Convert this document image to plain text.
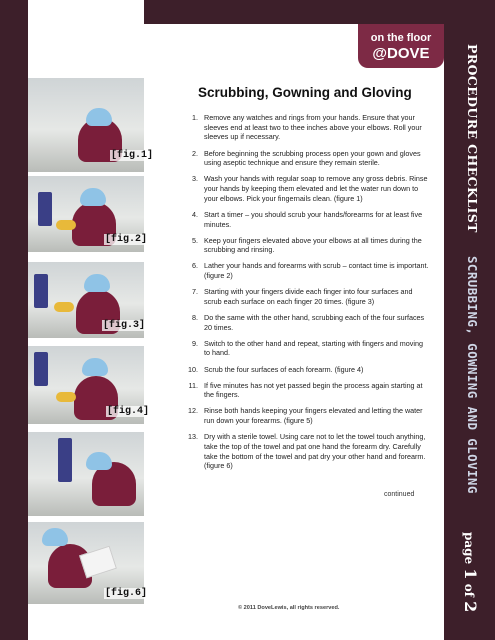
[fig.1]
[fig.2]
[fig.3]
[fig.4]
[fig.6]
on the floor
@DOVE	PROCEDURE CHECKLIST
SCRUBBING, GOWNING AND GLOVING
page 1 of 2
Scrubbing, Gowning and Gloving
1. Remove any watches and rings from your hands. Ensure that your sleeves end at least two to thee inches above your elbows. Roll your sleeves up if necessary.
2. Before beginning the scrubbing process open your gown and gloves using aseptic technique and ensure they remain sterile.
3. Wash your hands with regular soap to remove any gross debris. Rinse your hands by keeping them elevated and let the water run down to your elbows. Pick your fingernails clean. (figure 1)
4. Start a timer – you should scrub your hands/forearms for at least five minutes.
5. Keep your fingers elevated above your elbows at all times during the scrubbing and rinsing.
6. Lather your hands and forearms with scrub – contact time is important. (figure 2)
7. Starting with your fingers divide each finger into four surfaces and scrub each surface on each finger 20 times. (figure 3)
8. Do the same with the other hand, scrubbing each of the four surfaces 20 times.
9. Switch to the other hand and repeat, starting with fingers and moving to hand.
10. Scrub the four surfaces of each forearm. (figure 4)
11. If five minutes has not yet passed begin the process again starting at the fingers.
12. Rinse both hands keeping your fingers elevated and letting the water run down your forearms. (figure 5)
13. Dry with a sterile towel. Using care not to let the towel touch anything, take the top of the towel and pat one hand the forearm dry. Carefully take the bottom of the towel and pat dry your other hand and forearm. (figure 6)
continued
© 2011 DoveLewis, all rights reserved.
